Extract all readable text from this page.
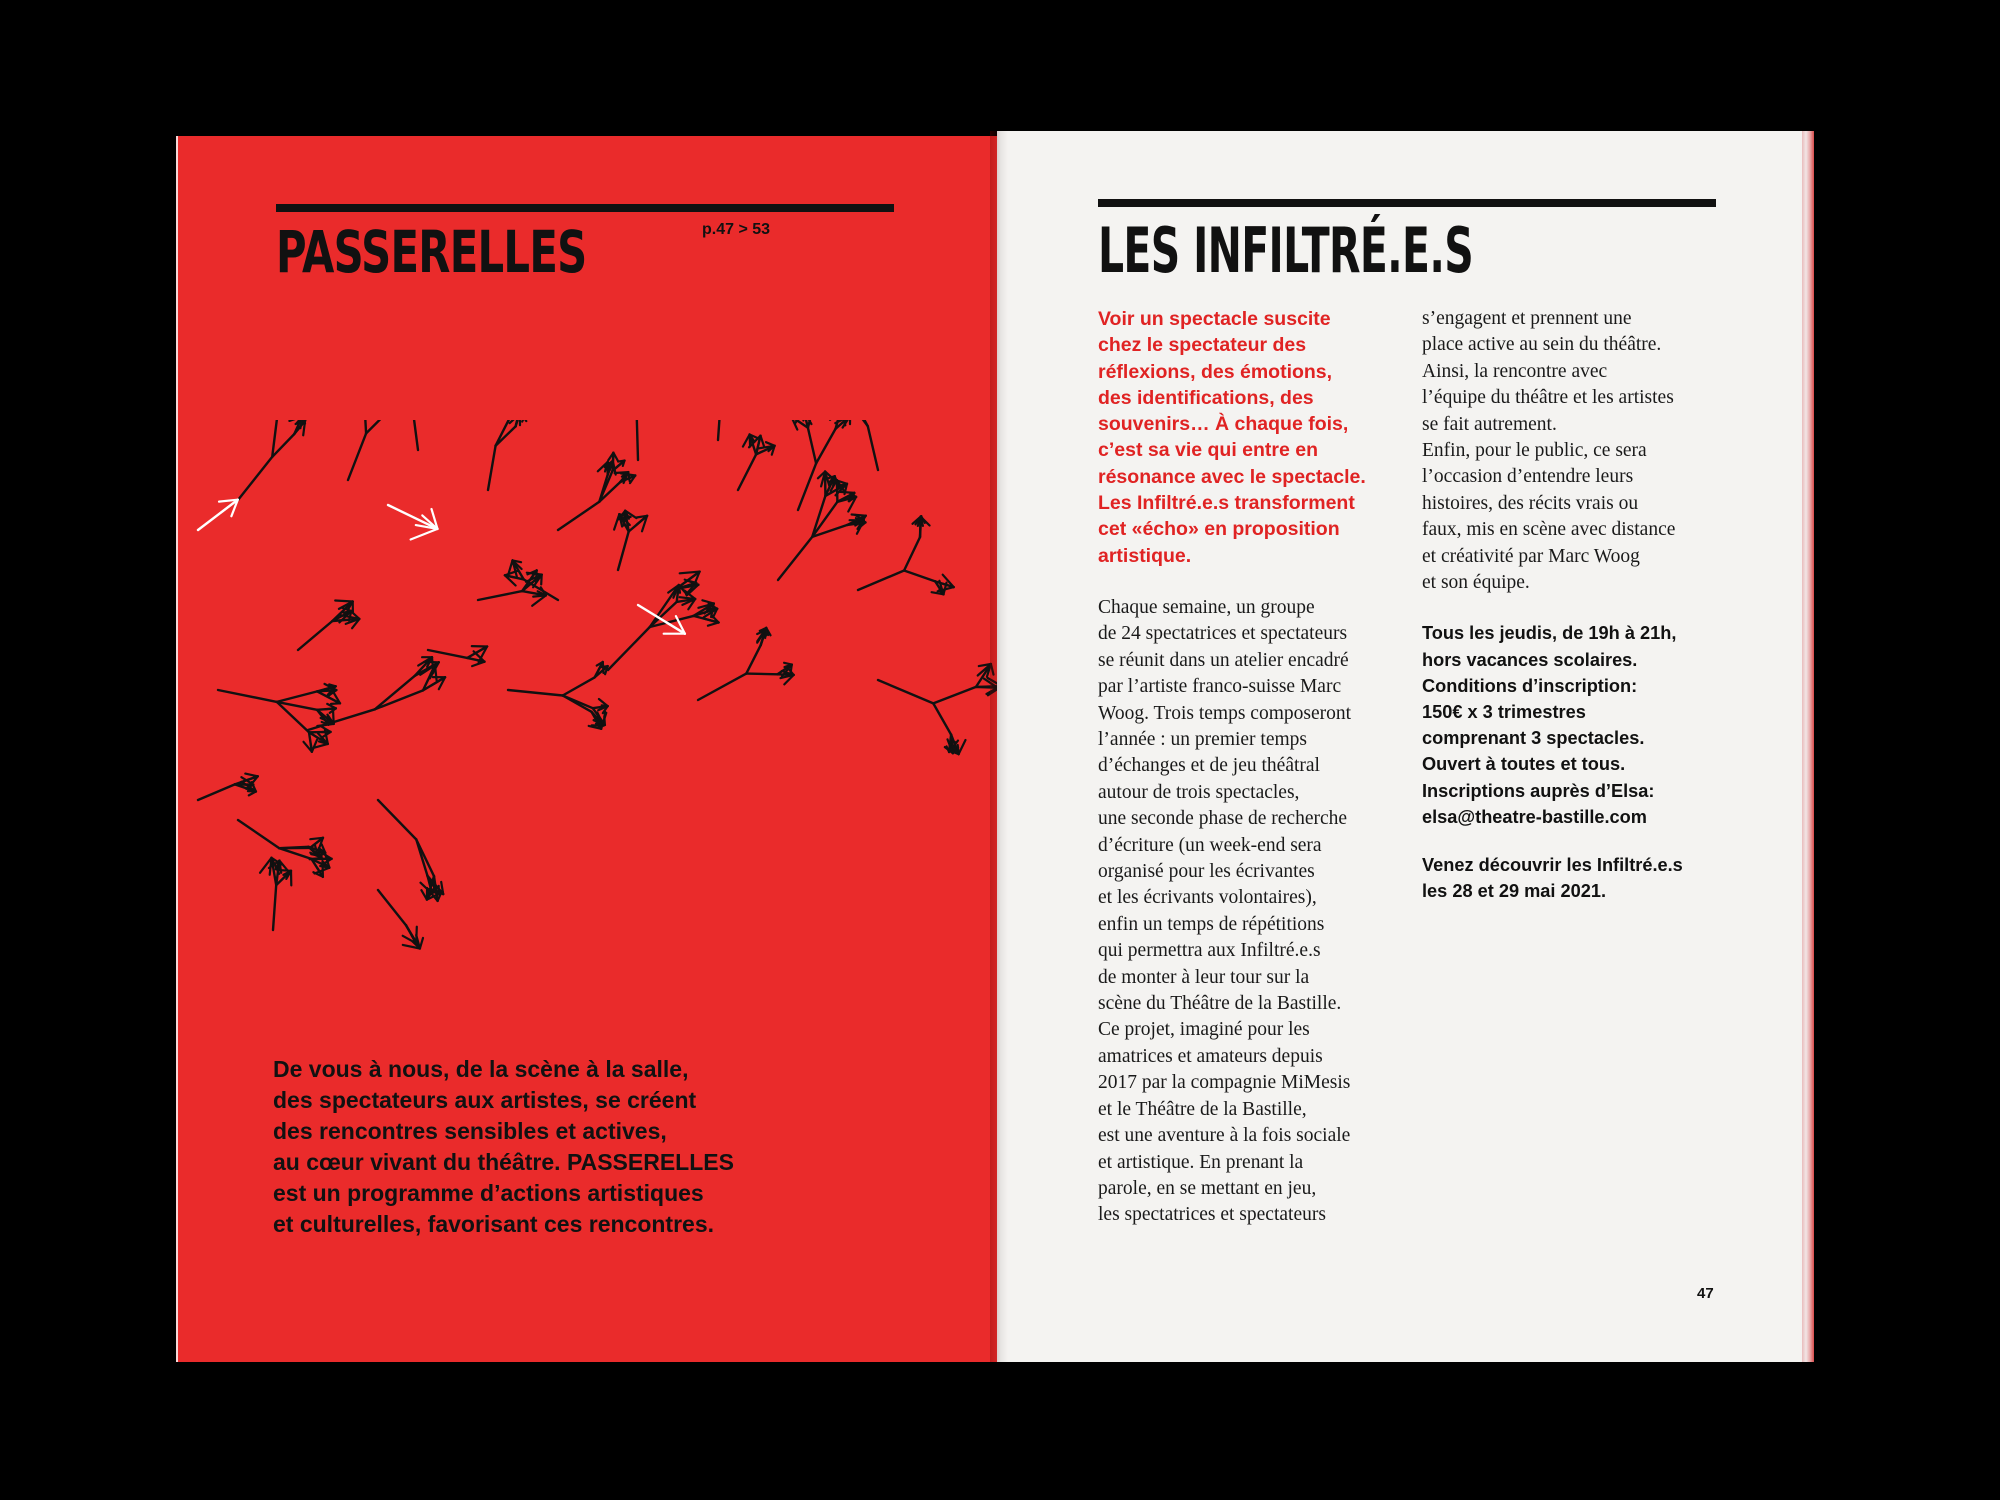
PASSERELLES	p.47 > 53
De vous à nous, de la scène à la salle,
des spectateurs aux artistes, se créent
des rencontres sensibles et actives,
au cœur vivant du théâtre. PASSERELLES
est un programme d’actions artistiques
et culturelles, favorisant ces rencontres.
LES INFILTRÉ.E.S
Voir un spectacle suscite
chez le spectateur des
réflexions, des émotions,
des identifications, des
souvenirs… À chaque fois,
c’est sa vie qui entre en
résonance avec le spectacle.
Les Infiltré.e.s transforment
cet «écho» en proposition
artistique.
Chaque semaine, un groupe
de 24 spectatrices et spectateurs
se réunit dans un atelier encadré
par l’artiste franco-suisse Marc
Woog. Trois temps composeront
l’année : un premier temps
d’échanges et de jeu théâtral
autour de trois spectacles,
une seconde phase de recherche
d’écriture (un week-end sera
organisé pour les écrivantes
et les écrivants volontaires),
enfin un temps de répétitions
qui permettra aux Infiltré.e.s
de monter à leur tour sur la
scène du Théâtre de la Bastille.
Ce projet, imaginé pour les
amatrices et amateurs depuis
2017 par la compagnie MiMesis
et le Théâtre de la Bastille,
est une aventure à la fois sociale
et artistique. En prenant la
parole, en se mettant en jeu,
les spectatrices et spectateurs
s’engagent et prennent une
place active au sein du théâtre.
Ainsi, la rencontre avec
l’équipe du théâtre et les artistes
se fait autrement.
Enfin, pour le public, ce sera
l’occasion d’entendre leurs
histoires, des récits vrais ou
faux, mis en scène avec distance
et créativité par Marc Woog
et son équipe.
Tous les jeudis, de 19h à 21h,
hors vacances scolaires.
Conditions d’inscription:
150€ x 3 trimestres
comprenant 3 spectacles.
Ouvert à toutes et tous.
Inscriptions auprès d’Elsa:
elsa@theatre-bastille.com
Venez découvrir les Infiltré.e.s
les 28 et 29 mai 2021.
47
